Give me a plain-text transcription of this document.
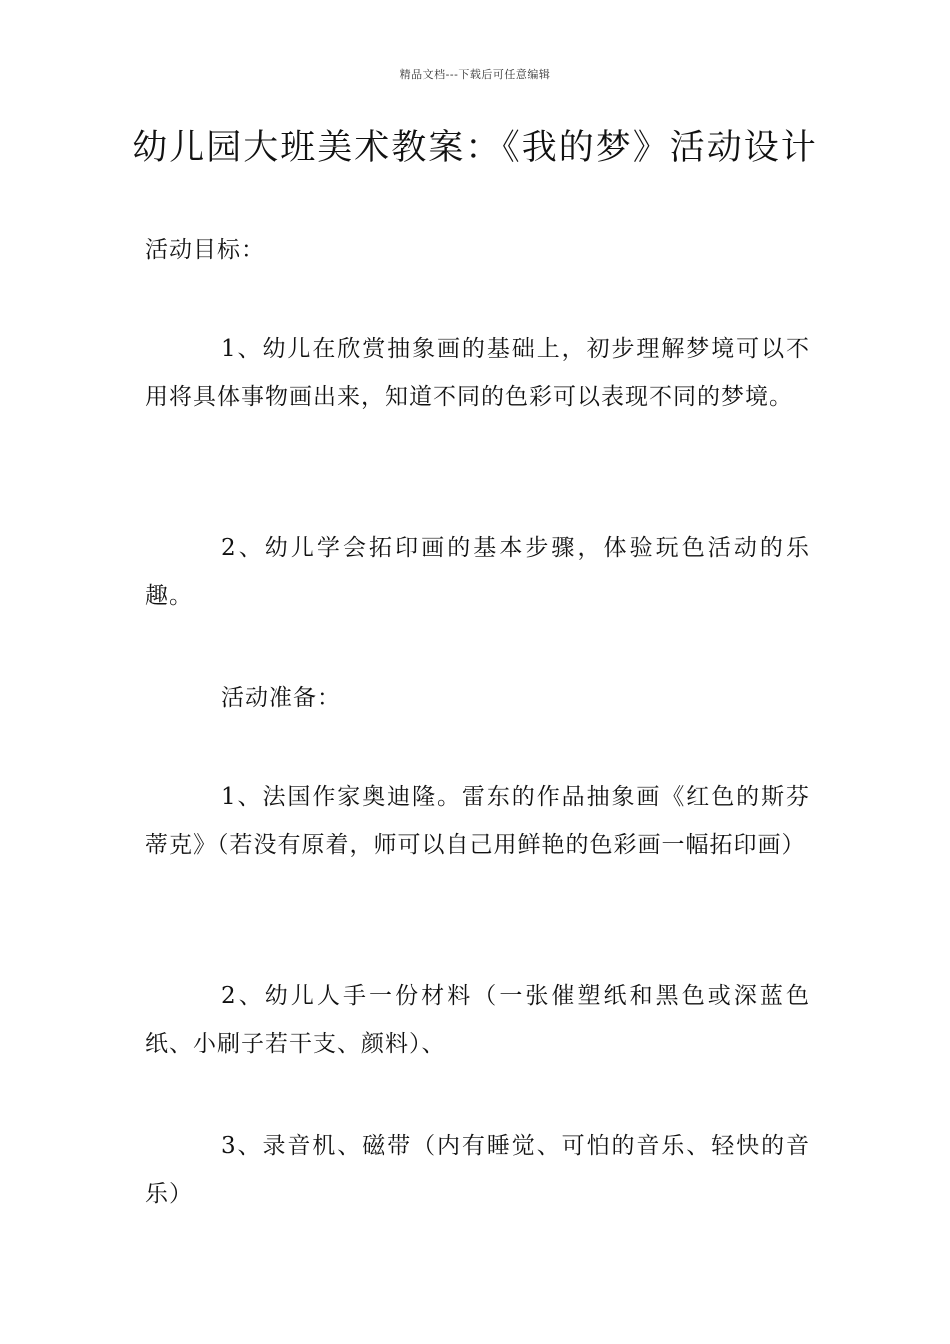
精品文档---下载后可任意编辑
幼儿园大班美术教案：《我的梦》活动设计

活动目标：

1、幼儿在欣赏抽象画的基础上，初步理解梦境可以不用将具体事物画出来，知道不同的色彩可以表现不同的梦境。

2、幼儿学会拓印画的基本步骤，体验玩色活动的乐趣。

活动准备：

1、法国作家奥迪隆。雷东的作品抽象画《红色的斯芬蒂克》（若没有原着，师可以自己用鲜艳的色彩画一幅拓印画）

2、幼儿人手一份材料（一张催塑纸和黑色或深蓝色纸、小刷子若干支、颜料）、

3、录音机、磁带（内有睡觉、可怕的音乐、轻快的音乐）
